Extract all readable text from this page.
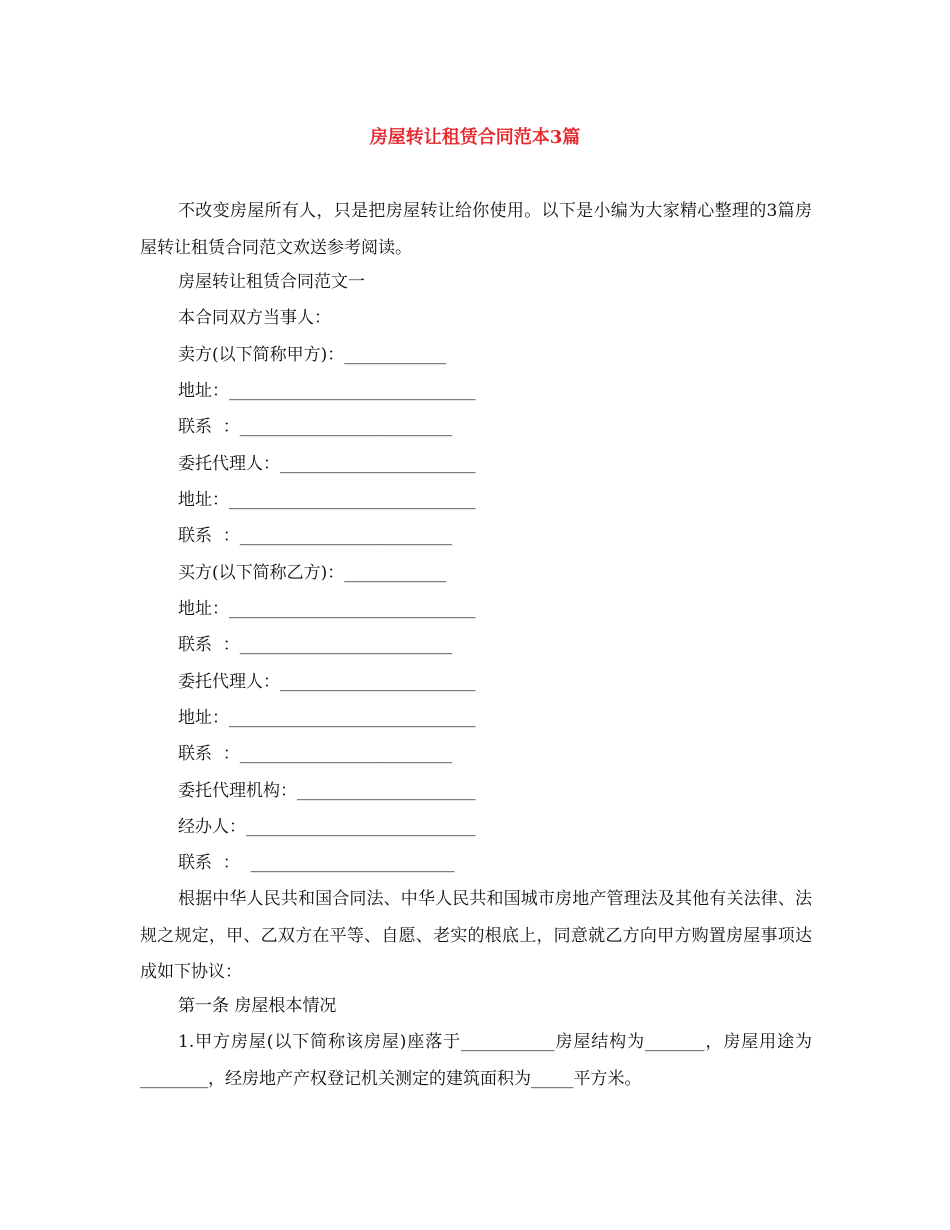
房屋转让租赁合同范本3篇
不改变房屋所有人，只是把房屋转让给你使用。以下是小编为大家精心整理的3篇房屋转让租赁合同范文欢送参考阅读。
房屋转让租赁合同范文一
本合同双方当事人：
卖方(以下简称甲方)：____________
地址：_____________________________
联系  ：_________________________
委托代理人：_______________________
地址：_____________________________
联系  ：_________________________
买方(以下简称乙方)：____________
地址：_____________________________
联系  ：_________________________
委托代理人：_______________________
地址：_____________________________
联系  ：_________________________
委托代理机构：_____________________
经办人：___________________________
联系  ：  ________________________
根据中华人民共和国合同法、中华人民共和国城市房地产管理法及其他有关法律、法规之规定，甲、乙双方在平等、自愿、老实的根底上，同意就乙方向甲方购置房屋事项达成如下协议：
第一条 房屋根本情况
1.甲方房屋(以下简称该房屋)座落于___________房屋结构为_______，房屋用途为________，经房地产产权登记机关测定的建筑面积为_____平方米。
